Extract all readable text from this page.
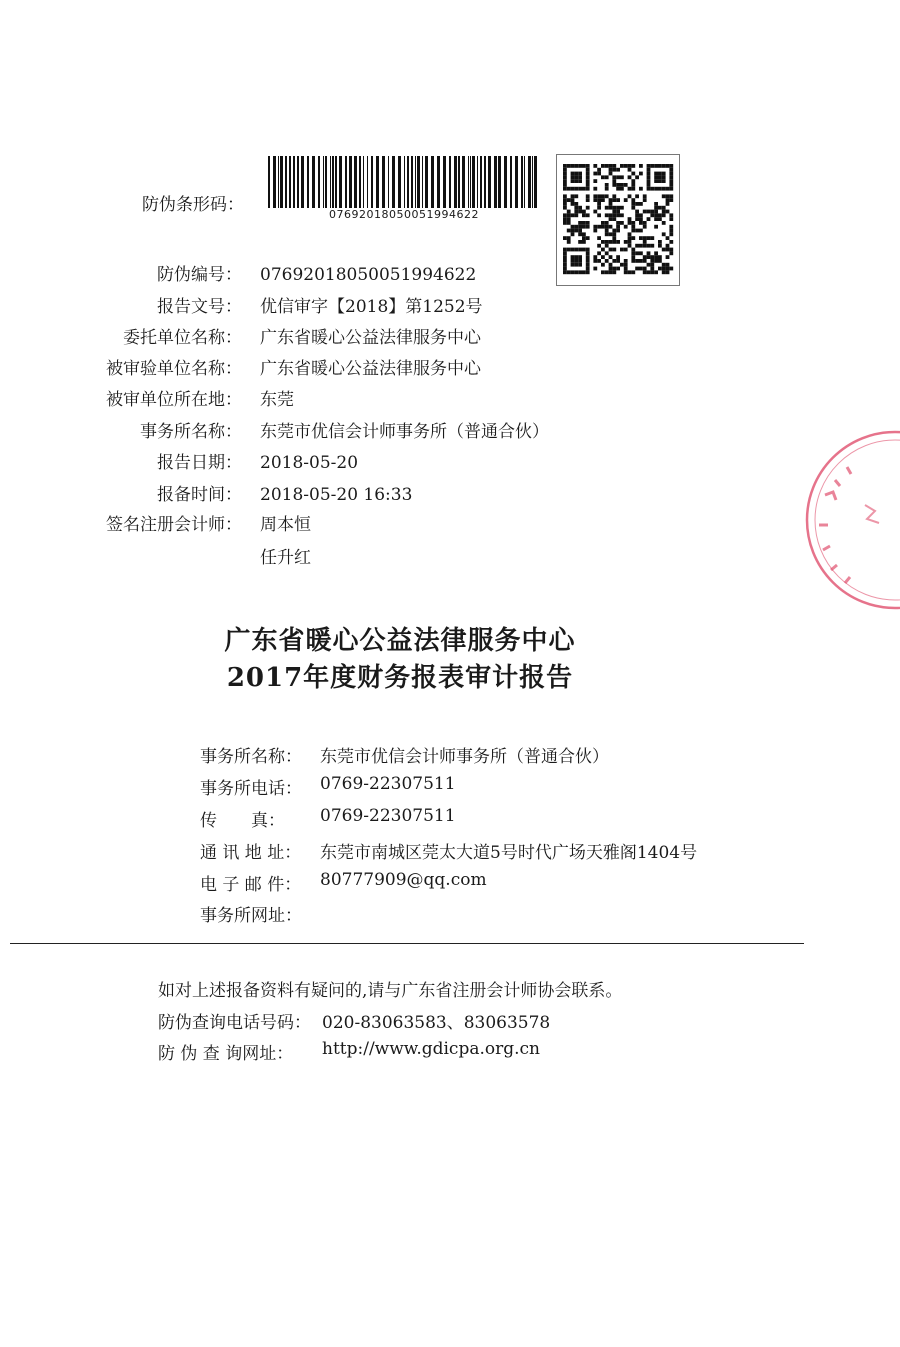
防伪条形码：	07692018050051994622
防伪编号： 07692018050051994622
报告文号： 优信审字【2018】第1252号
委托单位名称： 广东省暖心公益法律服务中心
被审验单位名称： 广东省暖心公益法律服务中心
被审单位所在地： 东莞
事务所名称： 东莞市优信会计师事务所（普通合伙）
报告日期： 2018-05-20
报备时间： 2018-05-20 16:33
签名注册会计师： 周本恒
任升红
广东省暖心公益法律服务中心
2017年度财务报表审计报告
事务所名称： 东莞市优信会计师事务所（普通合伙）
事务所电话： 0769-22307511
传　　真： 0769-22307511
通 讯 地 址： 东莞市南城区莞太大道5号时代广场天雅阁1404号
电 子 邮 件： 80777909@qq.com
事务所网址：
如对上述报备资料有疑问的,请与广东省注册会计师协会联系。
防伪查询电话号码： 020-83063583、83063578
防 伪 查 询网址： http://www.gdicpa.org.cn
